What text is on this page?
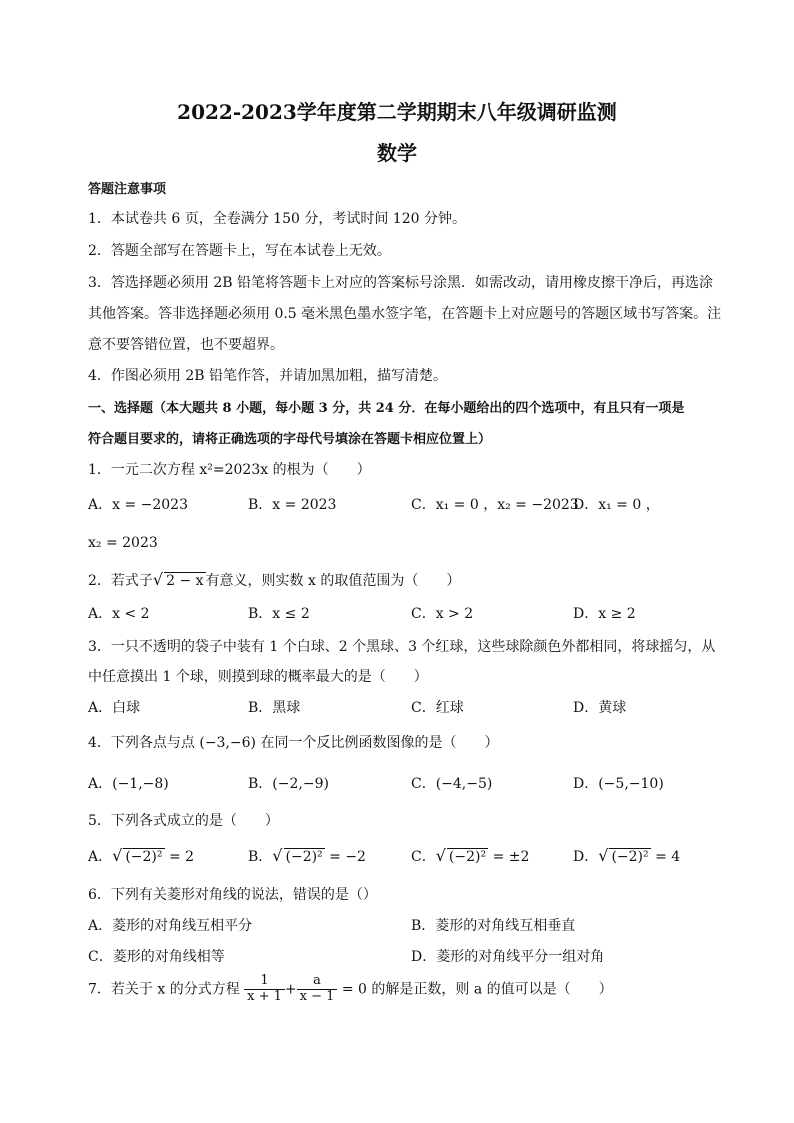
2022-2023学年度第二学期期末八年级调研监测
数学
答题注意事项
1．本试卷共 6 页，全卷满分 150 分，考试时间 120 分钟。
2．答题全部写在答题卡上，写在本试卷上无效。
3．答选择题必须用 2B 铅笔将答题卡上对应的答案标号涂黑．如需改动，请用橡皮擦干净后，再选涂
其他答案。答非选择题必须用 0.5 毫米黑色墨水签字笔，在答题卡上对应题号的答题区域书写答案。注
意不要答错位置，也不要超界。
4．作图必须用 2B 铅笔作答，并请加黑加粗，描写清楚。
一、选择题（本大题共 8 小题，每小题 3 分，共 24 分．在每小题给出的四个选项中，有且只有一项是
符合题目要求的，请将正确选项的字母代号填涂在答题卡相应位置上）
1．一元二次方程 x²=2023x 的根为（　　）
A．x = −2023	B．x = 2023	C．x₁ = 0 ，x₂ = −2023
D．x₁ = 0 ，
x₂ = 2023
2．若式子√ 2 − x 有意义，则实数 x 的取值范围为（　　）
A．x < 2	B．x ≤ 2	C．x > 2	D．x ≥ 2
3．一只不透明的袋子中装有 1 个白球、2 个黑球、3 个红球，这些球除颜色外都相同，将球摇匀，从
中任意摸出 1 个球，则摸到球的概率最大的是（　　）
A．白球	B．黑球	C．红球	D．黄球
4．下列各点与点 (−3,−6) 在同一个反比例函数图像的是（　　）
A．(−1,−8)	B．(−2,−9)	C．(−4,−5)	D．(−5,−10)
5．下列各式成立的是（　　）
A．√ (−2)² = 2	B．√ (−2)² = −2	C．√ (−2)² = ±2	D．√ (−2)² = 4
6．下列有关菱形对角线的说法，错误的是（）
A．菱形的对角线互相平分	B．菱形的对角线互相垂直
C．菱形的对角线相等	D．菱形的对角线平分一组对角
7．若关于 x 的分式方程 $\frac{1}{x + 1} + \frac{a}{x - 1} = 0$ 的解是正数，则 a 的值可以是（　　）
